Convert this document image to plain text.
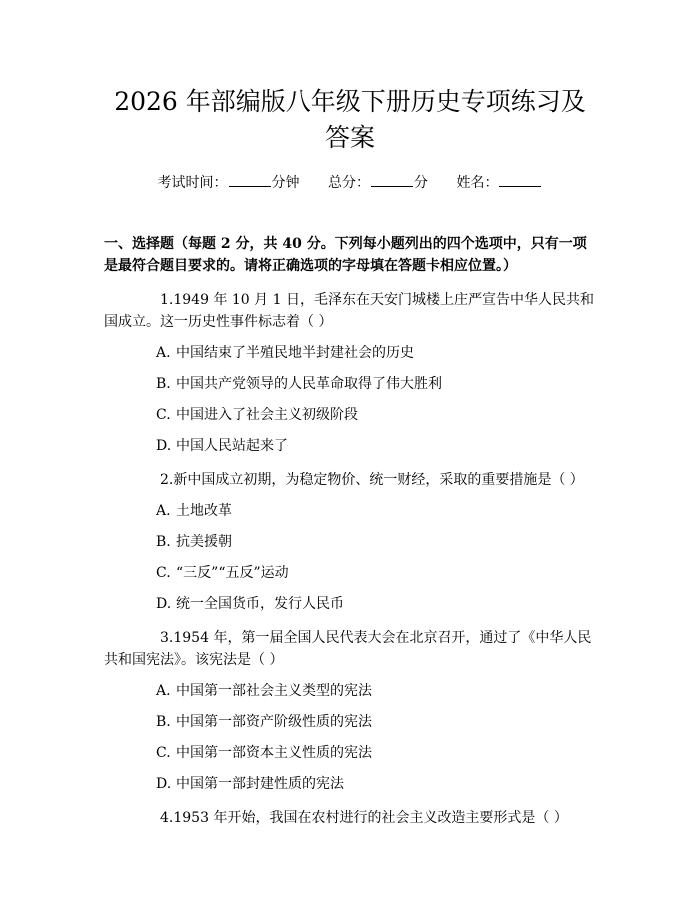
2026 年部编版八年级下册历史专项练习及答案
考试时间：	分钟 总分：	分 姓名：
一、选择题（每题 2 分，共 40 分。下列每小题列出的四个选项中，只有一项是最符合题目要求的。请将正确选项的字母填在答题卡相应位置。）
1.1949 年 10 月 1 日，毛泽东在天安门城楼上庄严宣告中华人民共和国成立。这一历史性事件标志着（ ）
A. 中国结束了半殖民地半封建社会的历史
B. 中国共产党领导的人民革命取得了伟大胜利
C. 中国进入了社会主义初级阶段
D. 中国人民站起来了
2.新中国成立初期，为稳定物价、统一财经，采取的重要措施是（ ）
A. 土地改革
B. 抗美援朝
C. “三反”“五反”运动
D. 统一全国货币，发行人民币
3.1954 年，第一届全国人民代表大会在北京召开，通过了《中华人民共和国宪法》。该宪法是（ ）
A. 中国第一部社会主义类型的宪法
B. 中国第一部资产阶级性质的宪法
C. 中国第一部资本主义性质的宪法
D. 中国第一部封建性质的宪法
4.1953 年开始，我国在农村进行的社会主义改造主要形式是（ ）
